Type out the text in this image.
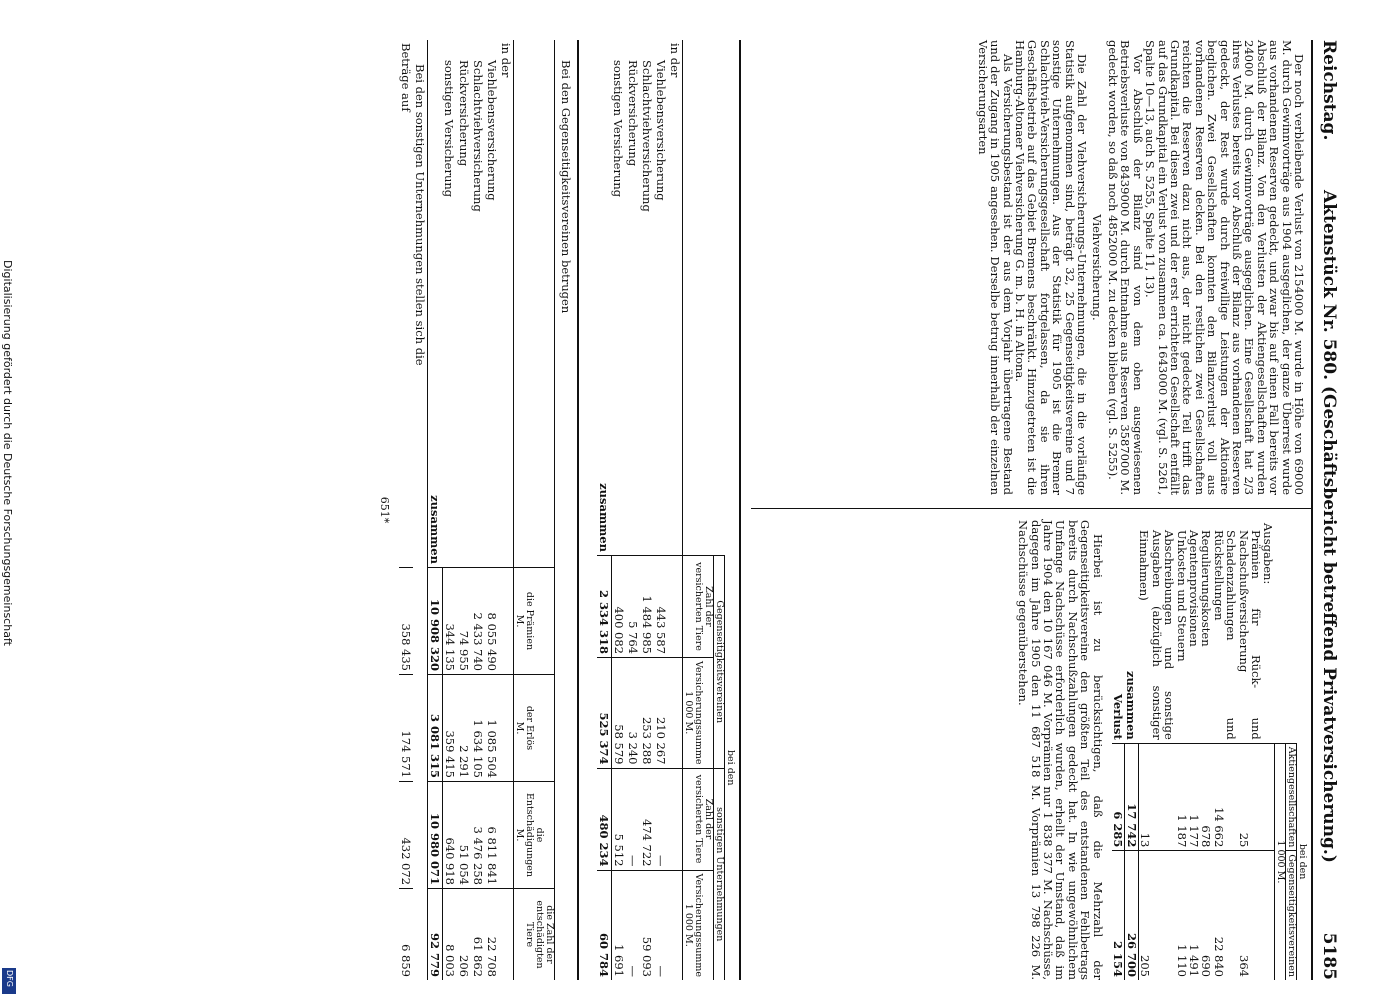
Digitalisierung gefördert durch die Deutsche Forschungsgemeinschaft
DFG
Reichstag.
Aktenstück Nr. 580. (Geschäftsbericht betreffend Privatversicherung.)
5185

Der noch verbleibende Verlust von 2154000 M. wurde in Höhe von 69000 M. durch Gewinnvorträge aus 1904 ausgeglichen, der ganze Überrest wurde aus vorhandenen Reserven gedeckt, und zwar bis auf einen Fall bereits vor Abschluß der Bilanz. Von den Verlusten der Aktiengesellschaften wurden 24000 M. durch Gewinnvorträge ausgeglichen. Eine Gesellschaft hat 2/3 ihres Verlustes bereits vor Abschluß der Bilanz aus vorhandenen Reserven gedeckt, der Rest wurde durch freiwillige Leistungen der Aktionäre beglichen. Zwei Gesellschaften konnten den Bilanzverlust voll aus vorhandenen Reserven decken. Bei den restlichen zwei Gesellschaften reichten die Reserven dazu nicht aus, der nicht gedeckte Teil trifft das Grundkapital. Bei diesen zwei und der erst errichteten Gesellschaft entfällt auf das Grundkapital ein Verlust von zusammen ca. 1643000 M. (vgl. S. 5261, Spalte 10—13, auch S. 5255, Spalte 11, 13).

Vor Abschluß der Bilanz sind von dem oben ausgewiesenen Betriebsverluste von 8439000 M. durch Entnahme aus Reserven 3587000 M. gedeckt worden, so daß noch 4852000 M. zu decken blieben (vgl. S. 5255).

Viehversicherung.

Die Zahl der Viehversicherungs-Unternehmungen, die in die vorläufige Statistik aufgenommen sind, beträgt 32, 25 Gegenseitigkeitsvereine und 7 sonstige Unternehmungen. Aus der Statistik für 1905 ist die Bremer Schlachtvieh-Versicherungsgesellschaft fortgelassen, da sie ihren Geschäftsbetrieb auf das Gebiet Bremens beschränkt. Hinzugetreten ist die Hamburg-Altonaer Viehversicherung G. m. b. H. in Altona.

Als Versicherungsbestand ist der aus dem Vorjahr übertragene Bestand und der Zugang in 1905 angesehen. Derselbe betrug innerhalb der einzelnen Versicherungsarten

	bei den	
	Aktiengesellschaften	Gegenseitigkeitsvereinen
	1 000 M.	
Ausgaben:		
Prämien für Rück- und Nachschußversicherung	25	364
Schadenzahlungen und Rückstellungen	14 662	22 840
Regulierungskosten	678	690
Agentenprovisionen	1 177	1 491
Unkosten und Steuern	1 187	1 110
Abschreibungen und sonstige Ausgaben (abzüglich sonstiger Einnahmen)	13	205
zusammen	17 742	26 700
Verlust	6 285	2 154

Hierbei ist zu berücksichtigen, daß die Mehrzahl der Gegenseitigkeitsvereine den größten Teil des entstandenen Fehlbetrags bereits durch Nachschußzahlungen gedeckt hat. In wie ungewöhnlichem Umfange Nachschüsse erforderlich wurden, erhellt der Umstand, daß im Jahre 1904 den 10 167 046 M. Vorprämien nur 1 838 377 M. Nachschüsse, dagegen im Jahre 1905 den 11 687 518 M. Vorprämien 13 798 226 M. Nachschüsse gegenüberstehen.

	bei den			
	Gegenseitigkeitsvereinen		sonstigen Unternehmungen	
	Zahl der versicherten Tiere	Versicherungssumme	Zahl der versicherten Tiere	Versicherungssumme
		1 000 M.		1 000 M.
in der				
Viehlebensversicherung	443 587	210 267	—	—
Schlachtviehversicherung	1 484 985	253 288	474 722	59 093
Rückversicherung	5 764	3 240	—	—
sonstigen Versicherung	400 082	58 579	5 512	1 691
zusammen	2 334 318	525 374	480 234	60 784
Bei den Gegenseitigkeitsvereinen betrugen
	die Prämien	der Erlös	die Entschädigungen	die Zahl der entschädigten Tiere
	M.	M.	M.	
in der				
Viehlebensversicherung	8 055 490	1 085 504	6 811 841	22 708
Schlachtviehversicherung	2 433 740	1 634 105	3 476 258	61 862
Rückversicherung	74 955	2 291	51 054	206
sonstigen Versicherung	344 135	359 415	640 918	8 003
zusammen	10 908 320	3 081 315	10 980 071	92 779
Bei den sonstigen Unternehmungen stellen sich die				
Beträge auf	358 435	174 571	432 072	6 859
651*
